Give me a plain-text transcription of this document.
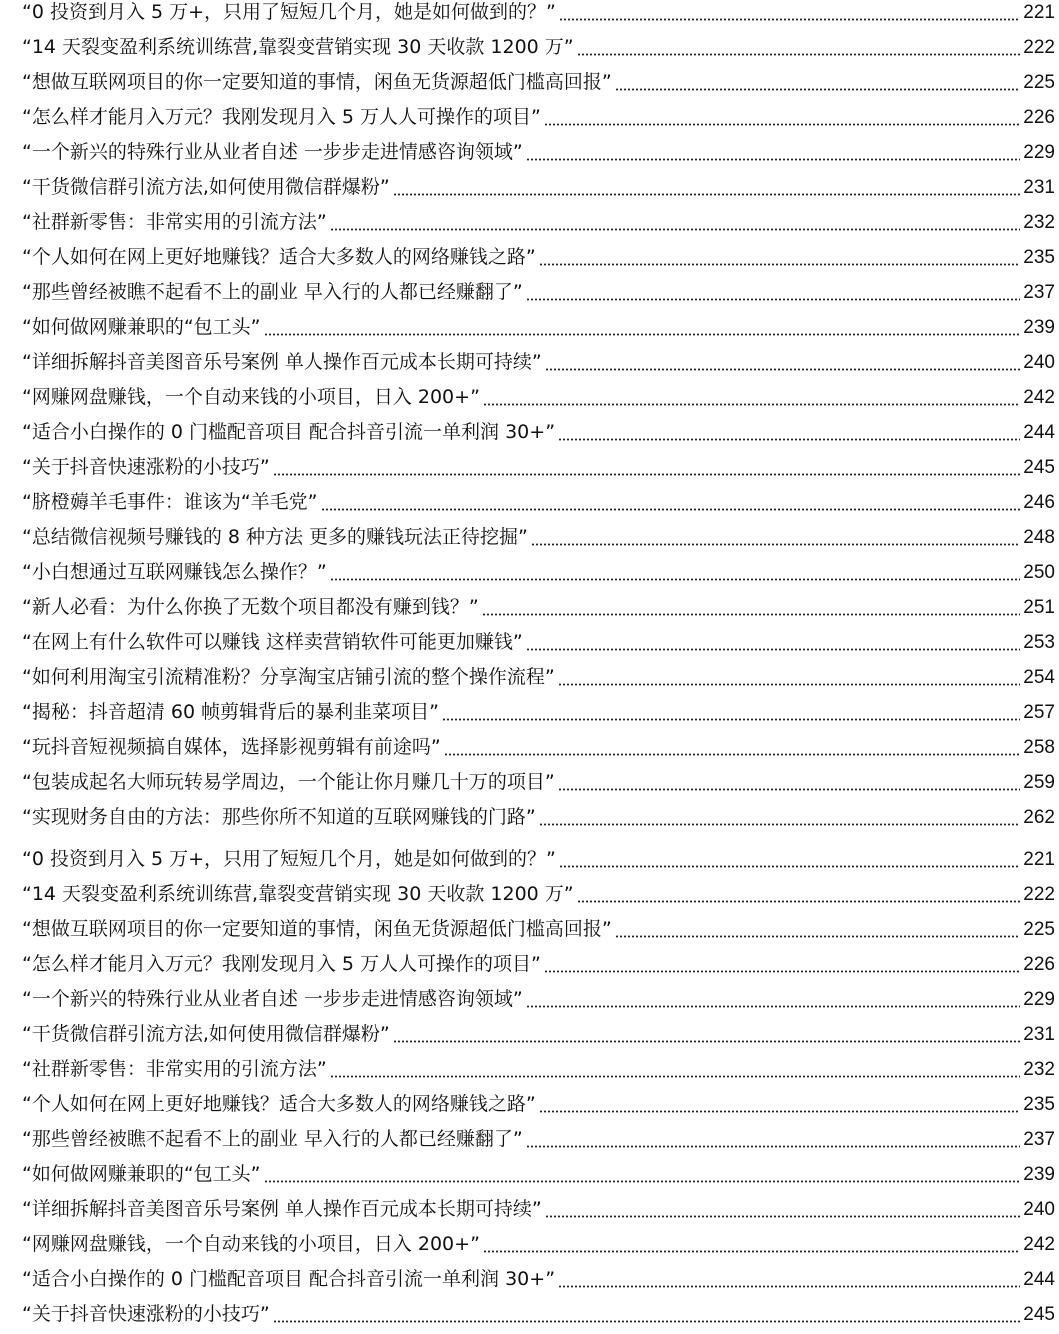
“0 投资到月入 5 万+，只用了短短几个月，她是如何做到的？”	221
“14 天裂变盈利系统训练营,靠裂变营销实现 30 天收款 1200 万”	222
“想做互联网项目的你一定要知道的事情，闲鱼无货源超低门槛高回报”	225
“怎么样才能月入万元？我刚发现月入 5 万人人可操作的项目”	226
“一个新兴的特殊行业从业者自述 一步步走进情感咨询领域”	229
“干货微信群引流方法,如何使用微信群爆粉”	231
“社群新零售：非常实用的引流方法”	232
“个人如何在网上更好地赚钱？适合大多数人的网络赚钱之路”	235
“那些曾经被瞧不起看不上的副业 早入行的人都已经赚翻了”	237
“如何做网赚兼职的“包工头”	239
“详细拆解抖音美图音乐号案例 单人操作百元成本长期可持续”	240
“网赚网盘赚钱，一个自动来钱的小项目，日入 200+”	242
“适合小白操作的 0 门槛配音项目 配合抖音引流一单利润 30+”	244
“关于抖音快速涨粉的小技巧”	245
“脐橙薅羊毛事件：谁该为“羊毛党”	246
“总结微信视频号赚钱的 8 种方法 更多的赚钱玩法正待挖掘”	248
“小白想通过互联网赚钱怎么操作？”	250
“新人必看：为什么你换了无数个项目都没有赚到钱？”	251
“在网上有什么软件可以赚钱 这样卖营销软件可能更加赚钱”	253
“如何利用淘宝引流精准粉？分享淘宝店铺引流的整个操作流程”	254
“揭秘：抖音超清 60 帧剪辑背后的暴利韭菜项目”	257
“玩抖音短视频搞自媒体，选择影视剪辑有前途吗”	258
“包装成起名大师玩转易学周边，一个能让你月赚几十万的项目”	259
“实现财务自由的方法：那些你所不知道的互联网赚钱的门路”	262
“0 投资到月入 5 万+，只用了短短几个月，她是如何做到的？”	221
“14 天裂变盈利系统训练营,靠裂变营销实现 30 天收款 1200 万”	222
“想做互联网项目的你一定要知道的事情，闲鱼无货源超低门槛高回报”	225
“怎么样才能月入万元？我刚发现月入 5 万人人可操作的项目”	226
“一个新兴的特殊行业从业者自述 一步步走进情感咨询领域”	229
“干货微信群引流方法,如何使用微信群爆粉”	231
“社群新零售：非常实用的引流方法”	232
“个人如何在网上更好地赚钱？适合大多数人的网络赚钱之路”	235
“那些曾经被瞧不起看不上的副业 早入行的人都已经赚翻了”	237
“如何做网赚兼职的“包工头”	239
“详细拆解抖音美图音乐号案例 单人操作百元成本长期可持续”	240
“网赚网盘赚钱，一个自动来钱的小项目，日入 200+”	242
“适合小白操作的 0 门槛配音项目 配合抖音引流一单利润 30+”	244
“关于抖音快速涨粉的小技巧”	245
